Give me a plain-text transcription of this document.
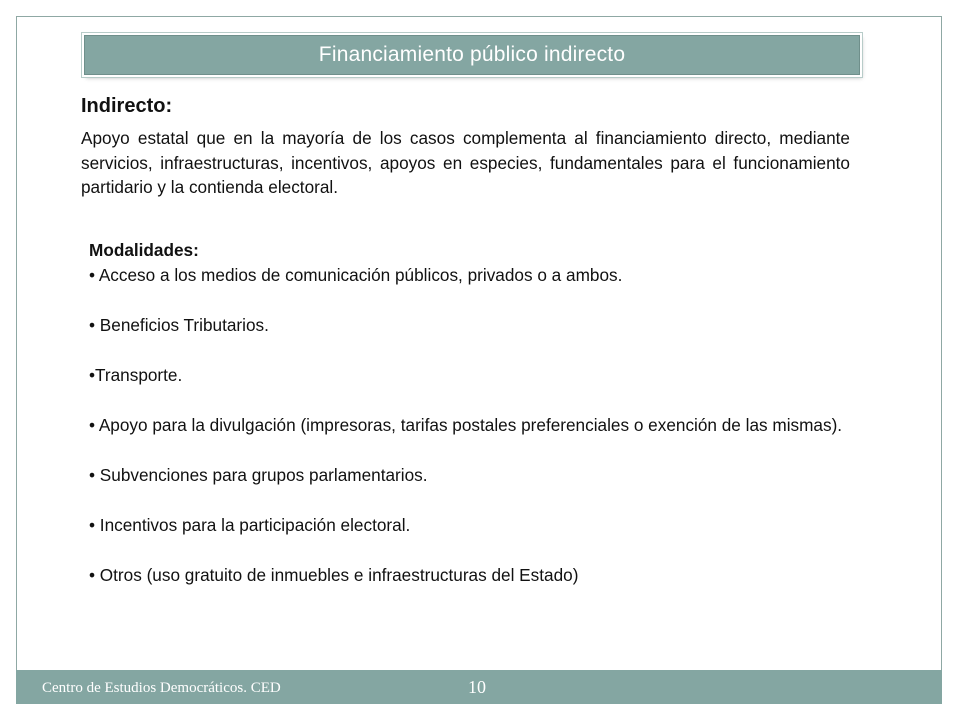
Financiamiento público indirecto

Indirecto:

Apoyo estatal que en la mayoría de los casos complementa al financiamiento directo, mediante servicios, infraestructuras, incentivos, apoyos en especies, fundamentales para el funcionamiento partidario y la contienda electoral.

Modalidades:

• Acceso a los medios de comunicación públicos, privados o a ambos.

• Beneficios Tributarios.

•Transporte.

• Apoyo para la divulgación (impresoras, tarifas postales preferenciales o exención de las mismas).

• Subvenciones para grupos parlamentarios.

• Incentivos para la participación electoral.

• Otros (uso gratuito de inmuebles e infraestructuras del Estado)

Centro de Estudios Democráticos. CED	10
